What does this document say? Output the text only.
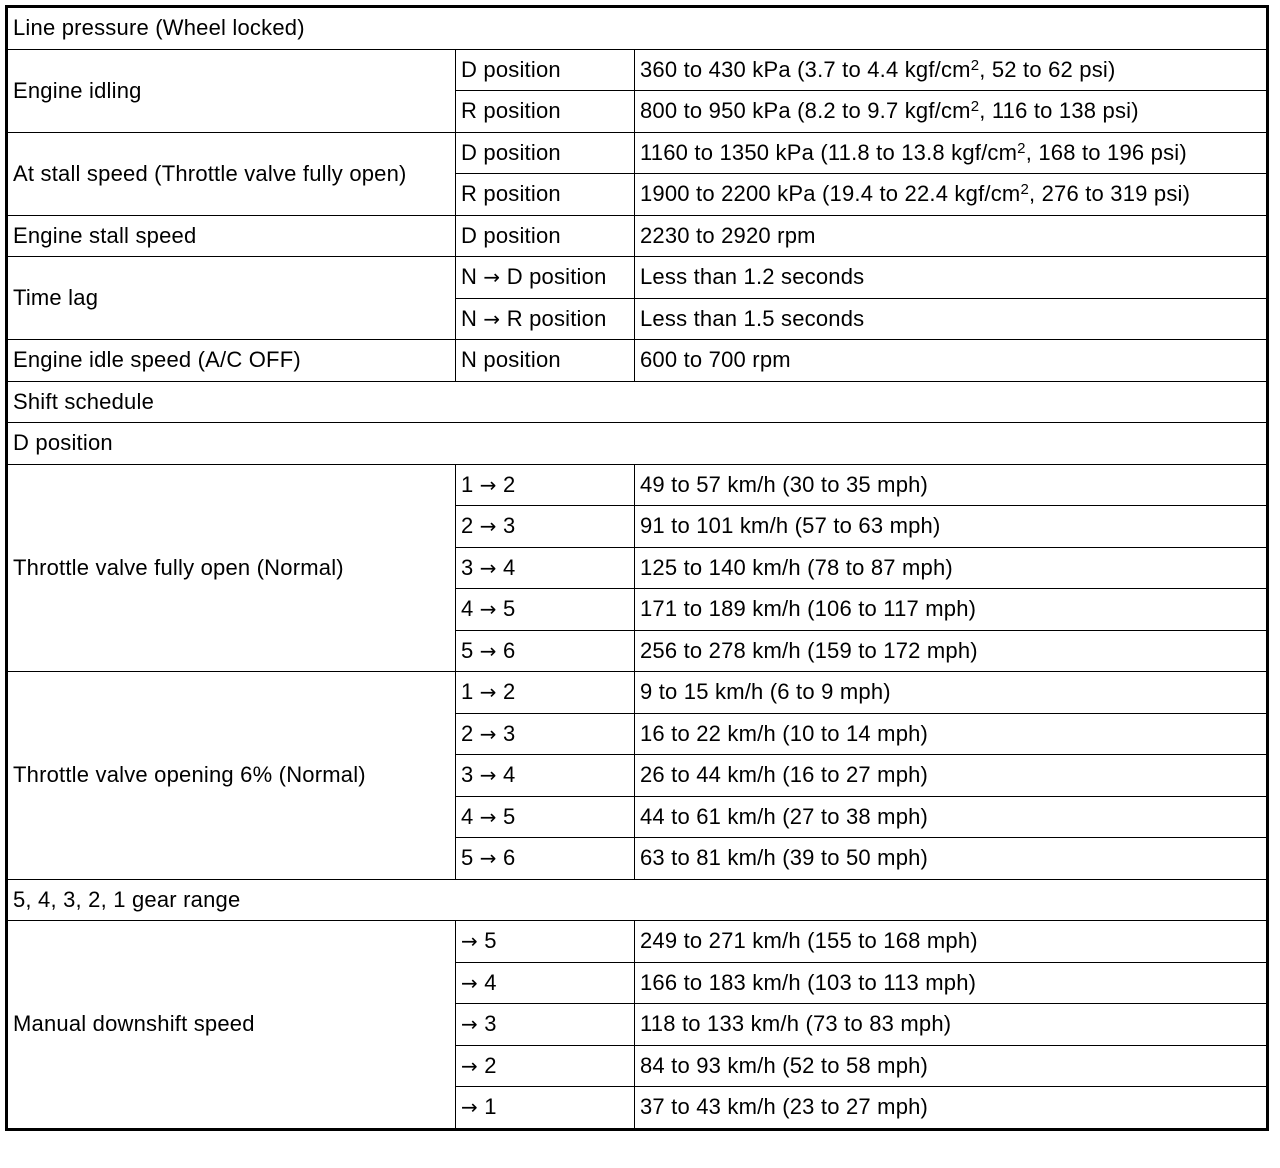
Line pressure (Wheel locked)		
Engine idling	D position	360 to 430 kPa (3.7 to 4.4 kgf/$cm^2$, 52 to 62 psi)
	R position	800 to 950 kPa (8.2 to 9.7 kgf/$cm^2$, 116 to 138 psi)
At stall speed (Throttle valve fully open)	D position	1160 to 1350 kPa (11.8 to 13.8 kgf/$cm^2$, 168 to 196 psi)
	R position	1900 to 2200 kPa (19.4 to 22.4 kgf/$cm^2$, 276 to 319 psi)
Engine stall speed	D position	2230 to 2920 rpm
Time lag	N → D position	Less than 1.2 seconds
	N → R position	Less than 1.5 seconds
Engine idle speed (A/C OFF)	N position	600 to 700 rpm
Shift schedule		
D position		
Throttle valve fully open (Normal)	1 → 2	49 to 57 km/h (30 to 35 mph)
	2 → 3	91 to 101 km/h (57 to 63 mph)
	3 → 4	125 to 140 km/h (78 to 87 mph)
	4 → 5	171 to 189 km/h (106 to 117 mph)
	5 → 6	256 to 278 km/h (159 to 172 mph)
Throttle valve opening 6% (Normal)	1 → 2	9 to 15 km/h (6 to 9 mph)
	2 → 3	16 to 22 km/h (10 to 14 mph)
	3 → 4	26 to 44 km/h (16 to 27 mph)
	4 → 5	44 to 61 km/h (27 to 38 mph)
	5 → 6	63 to 81 km/h (39 to 50 mph)
5, 4, 3, 2, 1 gear range		
Manual downshift speed	→ 5	249 to 271 km/h (155 to 168 mph)
	→ 4	166 to 183 km/h (103 to 113 mph)
	→ 3	118 to 133 km/h (73 to 83 mph)
	→ 2	84 to 93 km/h (52 to 58 mph)
	→ 1	37 to 43 km/h (23 to 27 mph)
